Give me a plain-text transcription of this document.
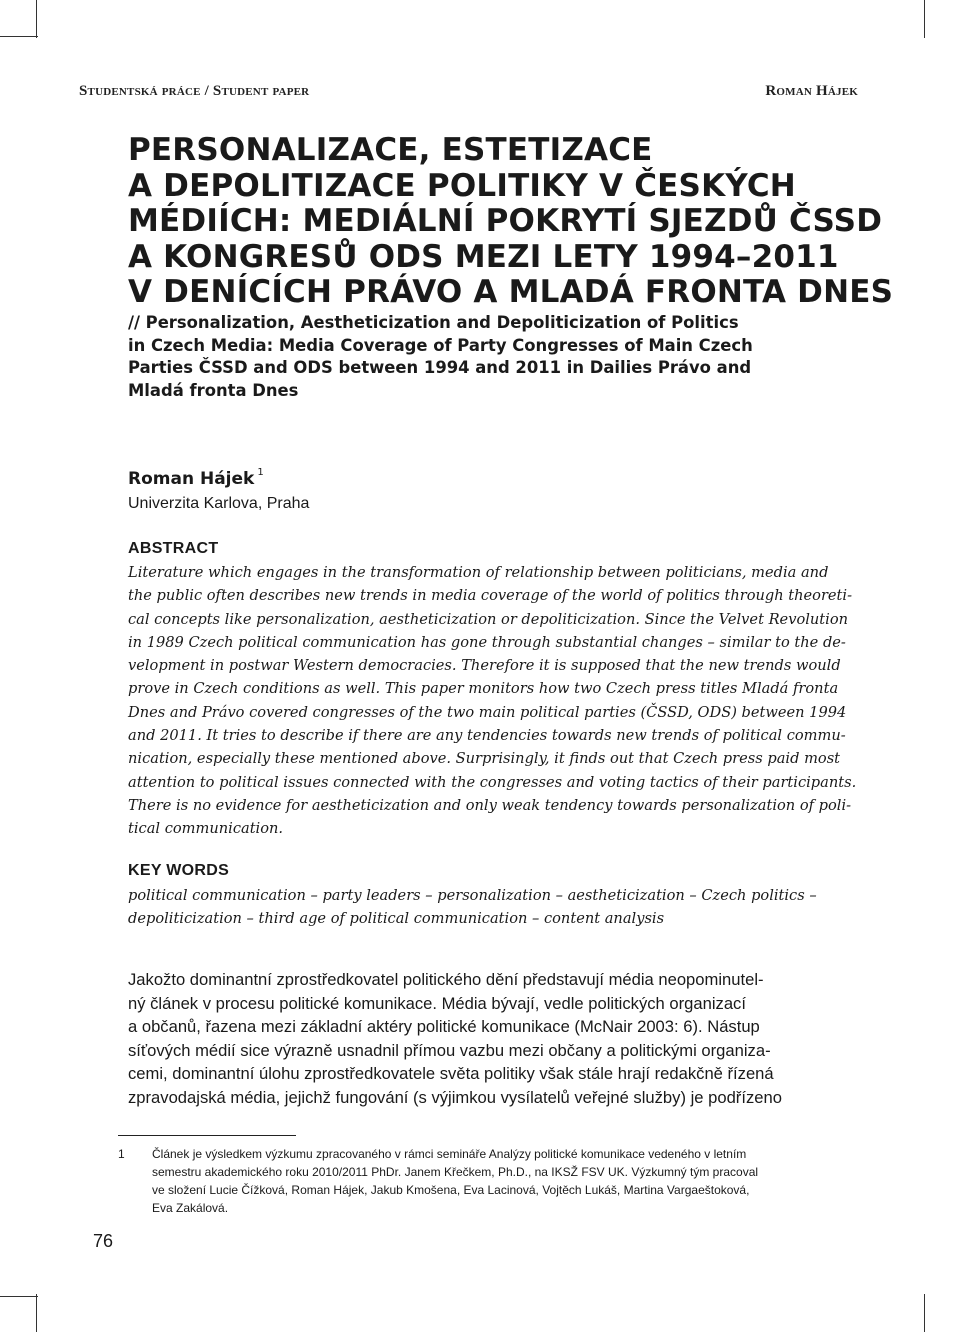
Studentská práce / Student paper	Roman Hájek
PERSONALIZACE, ESTETIZACE
A DEPOLITIZACE POLITIKY V ČESKÝCH
MÉDIÍCH: MEDIÁLNÍ POKRYTÍ SJEZDŮ ČSSD
A KONGRESŮ ODS MEZI LETY 1994–2011
V DENÍCÍCH PRÁVO A MLADÁ FRONTA DNES
// Personalization, Aestheticization and Depoliticization of Politics
in Czech Media: Media Coverage of Party Congresses of Main Czech
Parties ČSSD and ODS between 1994 and 2011 in Dailies Právo and
Mladá fronta Dnes
Roman Hájek $^1$
Univerzita Karlova, Praha
ABSTRACT
Literature which engages in the transformation of relationship between politicians, media and
the public often describes new trends in media coverage of the world of politics through theoreti-
cal concepts like personalization, aestheticization or depoliticization. Since the Velvet Revolution
in 1989 Czech political communication has gone through substantial changes – similar to the de-
velopment in postwar Western democracies. Therefore it is supposed that the new trends would
prove in Czech conditions as well. This paper monitors how two Czech press titles Mladá fronta
Dnes and Právo covered congresses of the two main political parties (ČSSD, ODS) between 1994
and 2011. It tries to describe if there are any tendencies towards new trends of political commu-
nication, especially these mentioned above. Surprisingly, it finds out that Czech press paid most
attention to political issues connected with the congresses and voting tactics of their participants.
There is no evidence for aestheticization and only weak tendency towards personalization of poli-
tical communication.
KEY WORDS
political communication – party leaders – personalization – aestheticization – Czech politics –
depoliticization – third age of political communication – content analysis
Jakožto dominantní zprostředkovatel politického dění představují média neopominutel-
ný článek v procesu politické komunikace. Média bývají, vedle politických organizací
a občanů, řazena mezi základní aktéry politické komunikace (McNair 2003: 6). Nástup
síťových médií sice výrazně usnadnil přímou vazbu mezi občany a politickými organiza-
cemi, dominantní úlohu zprostředkovatele světa politiky však stále hrají redakčně řízená
zpravodajská média, jejichž fungování (s výjimkou vysílatelů veřejné služby) je podřízeno
1 Článek je výsledkem výzkumu zpracovaného v rámci semináře Analýzy politické komunikace vedeného v letním
semestru akademického roku 2010/2011 PhDr. Janem Křečkem, Ph.D., na IKSŽ FSV UK. Výzkumný tým pracoval
ve složení Lucie Čížková, Roman Hájek, Jakub Kmošena, Eva Lacinová, Vojtěch Lukáš, Martina Vargaeštoková,
Eva Zakálová.
76
